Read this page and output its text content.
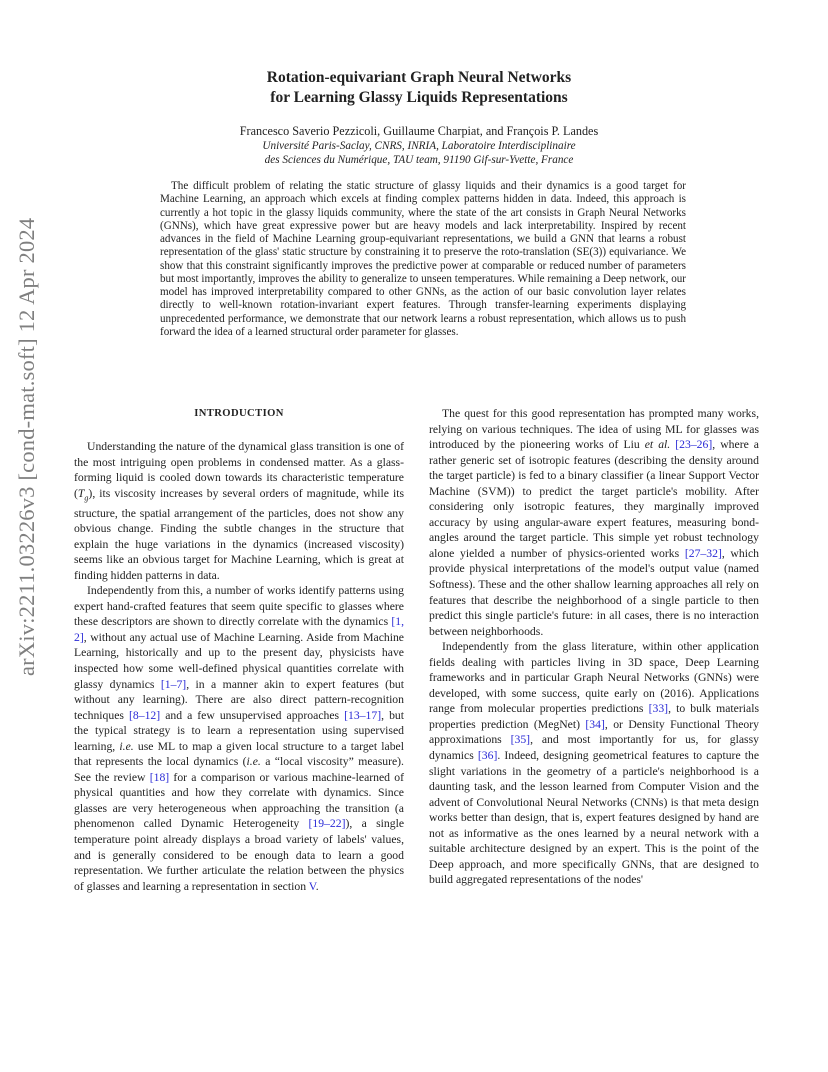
arXiv:2211.03226v3 [cond-mat.soft] 12 Apr 2024
Rotation-equivariant Graph Neural Networks
for Learning Glassy Liquids Representations
Francesco Saverio Pezzicoli, Guillaume Charpiat, and François P. Landes
Université Paris-Saclay, CNRS, INRIA, Laboratoire Interdisciplinaire
des Sciences du Numérique, TAU team, 91190 Gif-sur-Yvette, France
The difficult problem of relating the static structure of glassy liquids and their dynamics is a good target for Machine Learning, an approach which excels at finding complex patterns hidden in data. Indeed, this approach is currently a hot topic in the glassy liquids community, where the state of the art consists in Graph Neural Networks (GNNs), which have great expressive power but are heavy models and lack interpretability. Inspired by recent advances in the field of Machine Learning group-equivariant representations, we build a GNN that learns a robust representation of the glass' static structure by constraining it to preserve the roto-translation (SE(3)) equivariance. We show that this constraint significantly improves the predictive power at comparable or reduced number of parameters but most importantly, improves the ability to generalize to unseen temperatures. While remaining a Deep network, our model has improved interpretability compared to other GNNs, as the action of our basic convolution layer relates directly to well-known rotation-invariant expert features. Through transfer-learning experiments displaying unprecedented performance, we demonstrate that our network learns a robust representation, which allows us to push forward the idea of a learned structural order parameter for glasses.
INTRODUCTION

Understanding the nature of the dynamical glass transition is one of the most intriguing open problems in condensed matter. As a glass-forming liquid is cooled down towards its characteristic temperature $(T_g)$, its viscosity increases by several orders of magnitude, while its structure, the spatial arrangement of the particles, does not show any obvious change. Finding the subtle changes in the structure that explain the huge variations in the dynamics (increased viscosity) seems like an obvious target for Machine Learning, which is great at finding hidden patterns in data.

Independently from this, a number of works identify patterns using expert hand-crafted features that seem quite specific to glasses where these descriptors are shown to directly correlate with the dynamics [1, 2], without any actual use of Machine Learning. Aside from Machine Learning, historically and up to the present day, physicists have inspected how some well-defined physical quantities correlate with glassy dynamics [1–7], in a manner akin to expert features (but without any learning). There are also direct pattern-recognition techniques [8–12] and a few unsupervised approaches [13–17], but the typical strategy is to learn a representation using supervised learning, i.e. use ML to map a given local structure to a target label that represents the local dynamics (i.e. a “local viscosity” measure). See the review [18] for a comparison or various machine-learned of physical quantities and how they correlate with dynamics. Since glasses are very heterogeneous when approaching the transition (a phenomenon called Dynamic Heterogeneity [19–22]), a single temperature point already displays a broad variety of labels' values, and is generally considered to be enough data to learn a good representation. We further articulate the relation between the physics of glasses and learning a representation in section V.

The quest for this good representation has prompted many works, relying on various techniques. The idea of using ML for glasses was introduced by the pioneering works of Liu et al. [23–26], where a rather generic set of isotropic features (describing the density around the target particle) is fed to a binary classifier (a linear Support Vector Machine (SVM)) to predict the target particle's mobility. After considering only isotropic features, they marginally improved accuracy by using angular-aware expert features, measuring bond-angles around the target particle. This simple yet robust technology alone yielded a number of physics-oriented works [27–32], which provide physical interpretations of the model's output value (named Softness). These and the other shallow learning approaches all rely on features that describe the neighborhood of a single particle to then predict this single particle's future: in all cases, there is no interaction between neighborhoods.

Independently from the glass literature, within other application fields dealing with particles living in 3D space, Deep Learning frameworks and in particular Graph Neural Networks (GNNs) were developed, with some success, quite early on (2016). Applications range from molecular properties predictions [33], to bulk materials properties prediction (MegNet) [34], or Density Functional Theory approximations [35], and most importantly for us, for glassy dynamics [36]. Indeed, designing geometrical features to capture the slight variations in the geometry of a particle's neighborhood is a daunting task, and the lesson learned from Computer Vision and the advent of Convolutional Neural Networks (CNNs) is that meta design works better than design, that is, expert features designed by hand are not as informative as the ones learned by a neural network with a suitable architecture designed by an expert. This is the point of the Deep approach, and more specifically GNNs, that are designed to build aggregated representations of the nodes'
